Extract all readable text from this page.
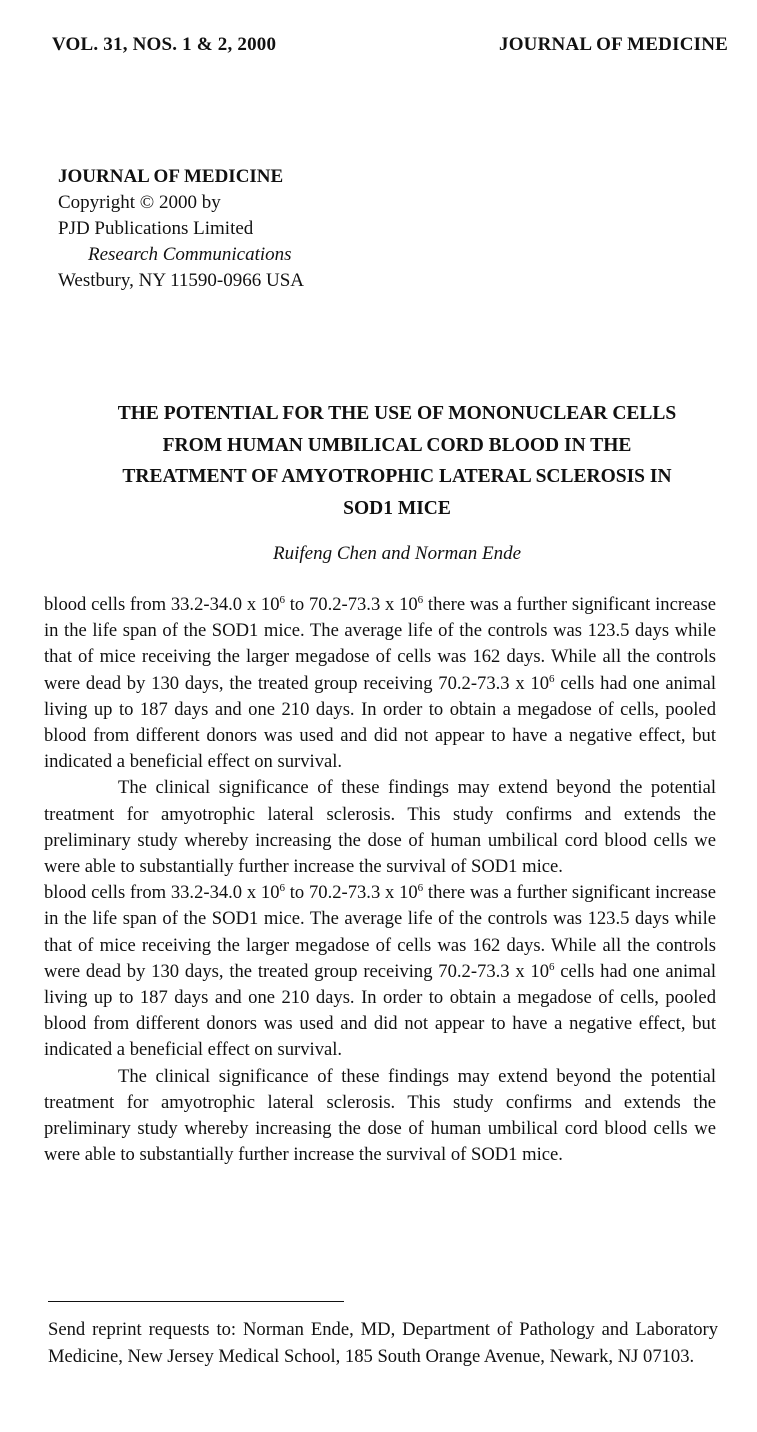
VOL. 31, NOS. 1 & 2, 2000	JOURNAL OF MEDICINE
JOURNAL OF MEDICINE
Copyright © 2000 by
PJD Publications Limited
Research Communications
Westbury, NY 11590-0966 USA
THE POTENTIAL FOR THE USE OF MONONUCLEAR CELLS
FROM HUMAN UMBILICAL CORD BLOOD IN THE
TREATMENT OF AMYOTROPHIC LATERAL SCLEROSIS IN
SOD1 MICE
Ruifeng Chen and Norman Ende

blood cells from 33.2-34.0 x $10^6$ to 70.2-73.3 x $10^6$ there was a further significant increase in the life span of the SOD1 mice. The average life of the controls was 123.5 days while that of mice receiving the larger megadose of cells was 162 days. While all the controls were dead by 130 days, the treated group receiving 70.2-73.3 x $10^6$ cells had one animal living up to 187 days and one 210 days. In order to obtain a megadose of cells, pooled blood from different donors was used and did not appear to have a negative effect, but indicated a beneficial effect on survival.

The clinical significance of these findings may extend beyond the potential treatment for amyotrophic lateral sclerosis. This study confirms and extends the preliminary study whereby increasing the dose of human umbilical cord blood cells we were able to substantially further increase the survival of SOD1 mice.

blood cells from 33.2-34.0 x $10^6$ to 70.2-73.3 x $10^6$ there was a further significant increase in the life span of the SOD1 mice. The average life of the controls was 123.5 days while that of mice receiving the larger megadose of cells was 162 days. While all the controls were dead by 130 days, the treated group receiving 70.2-73.3 x $10^6$ cells had one animal living up to 187 days and one 210 days. In order to obtain a megadose of cells, pooled blood from different donors was used and did not appear to have a negative effect, but indicated a beneficial effect on survival.

The clinical significance of these findings may extend beyond the potential treatment for amyotrophic lateral sclerosis. This study confirms and extends the preliminary study whereby increasing the dose of human umbilical cord blood cells we were able to substantially further increase the survival of SOD1 mice.

Send reprint requests to: Norman Ende, MD, Department of Pathology and Laboratory Medicine, New Jersey Medical School, 185 South Orange Avenue, Newark, NJ 07103.
